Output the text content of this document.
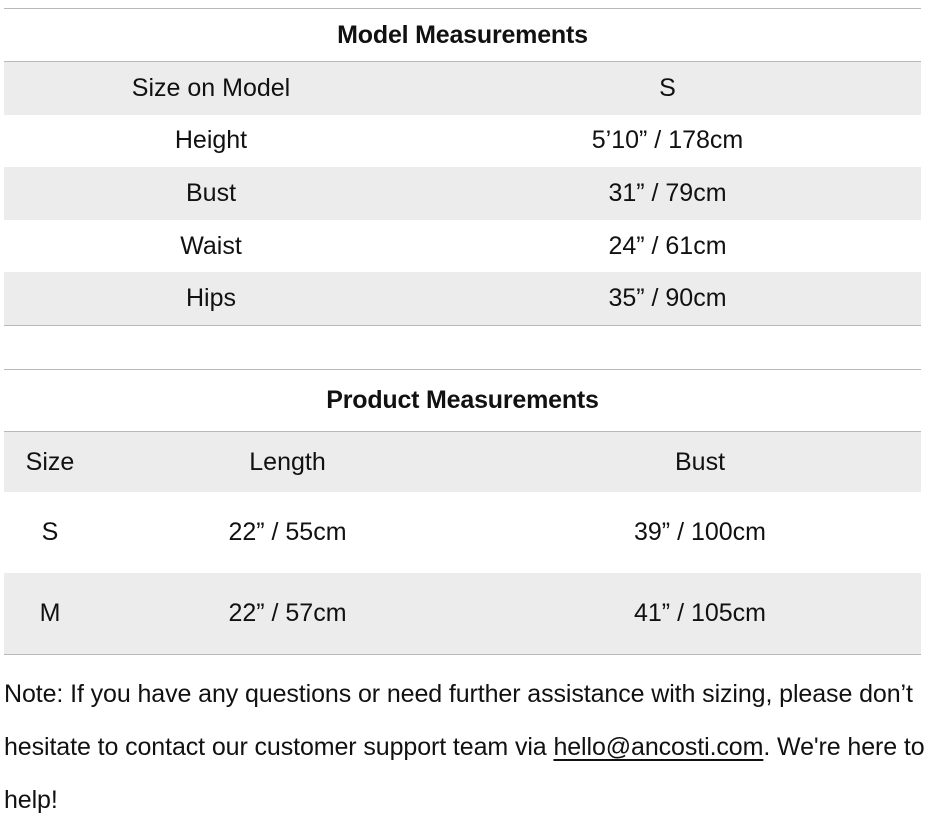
Model Measurements
Size on Model	S
Height	5’10” / 178cm
Bust	31” / 79cm
Waist	24” / 61cm
Hips	35” / 90cm
Product Measurements
Size	Length	Bust
S	22” / 55cm	39” / 100cm
M	22” / 57cm	41” / 105cm
Note: If you have any questions or need further assistance with sizing, please don’t hesitate to contact our customer support team via hello@ancosti.com. We're here to help!
